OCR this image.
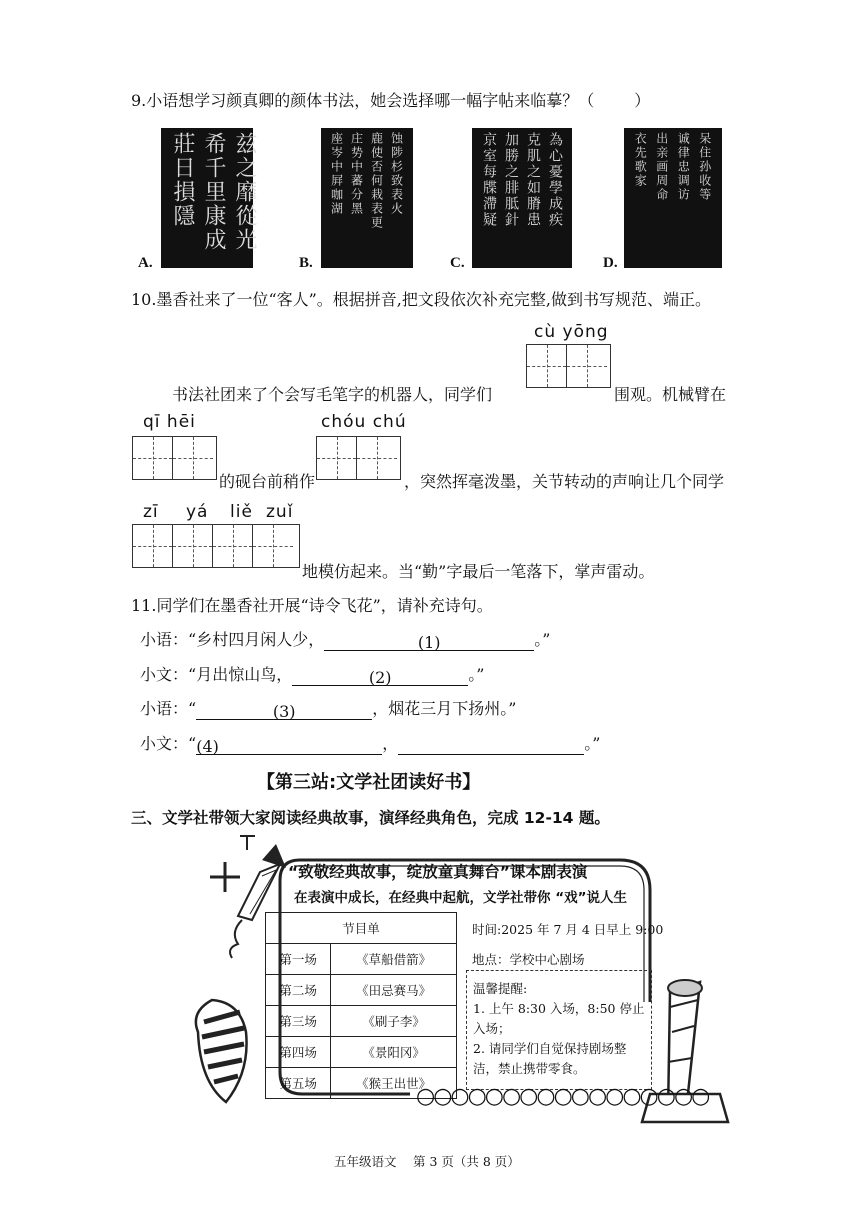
9.小语想学习颜真卿的颜体书法，她会选择哪一幅字帖来临摹？（	）
兹之靡從光
希千里康成
莊日損隱
A.
蚀陟杉致表火
鹿使否何栽表更
庄势中蕃分黑
座岑中屛咖湖
B.
為心憂學成疾
克肌之如膌患
加勝之腓胝針
京室每牒滯疑
C.
呆住孙收等
诚律忠调访
出亲画周命
衣先歌家
D.
10.墨香社来了一位“客人”。根据拼音,把文段依次补充完整,做到书写规范、端正。
cù yōng
书法社团来了个会写毛笔字的机器人，同学们	围观。机械臂在
qī hēi	chóu chú
的砚台前稍作	，突然挥毫泼墨，关节转动的声响让几个同学
zī yá liě zuǐ
地模仿起来。当“勤”字最后一笔落下，掌声雷动。
11.同学们在墨香社开展“诗令飞花”，请补充诗句。
小语：“乡村四月闲人少，	(1)	。”
小文：“月出惊山鸟，	(2)	。”
小语：“	(3)	，烟花三月下扬州。”
小文：“(4)	，	。”
【第三站:文学社团读好书】
三、文学社带领大家阅读经典故事，演绎经典角色，完成 12-14 题。
“致敬经典故事，绽放童真舞台”课本剧表演
在表演中成长，在经典中起航，文学社带你 “戏”说人生
节目单	
第一场	《草船借箭》
第二场	《田忌赛马》
第三场	《刷子李》
第四场	《景阳冈》
第五场	《猴王出世》
时间:2025 年 7 月 4 日早上 9:00
地点：学校中心剧场
温馨提醒:
1. 上午 8:30 入场，8:50 停止入场；
2. 请同学们自觉保持剧场整洁，禁止携带零食。
○○○○○○○○○○○○○○○○○
五年级语文　 第 3 页（共 8 页）
